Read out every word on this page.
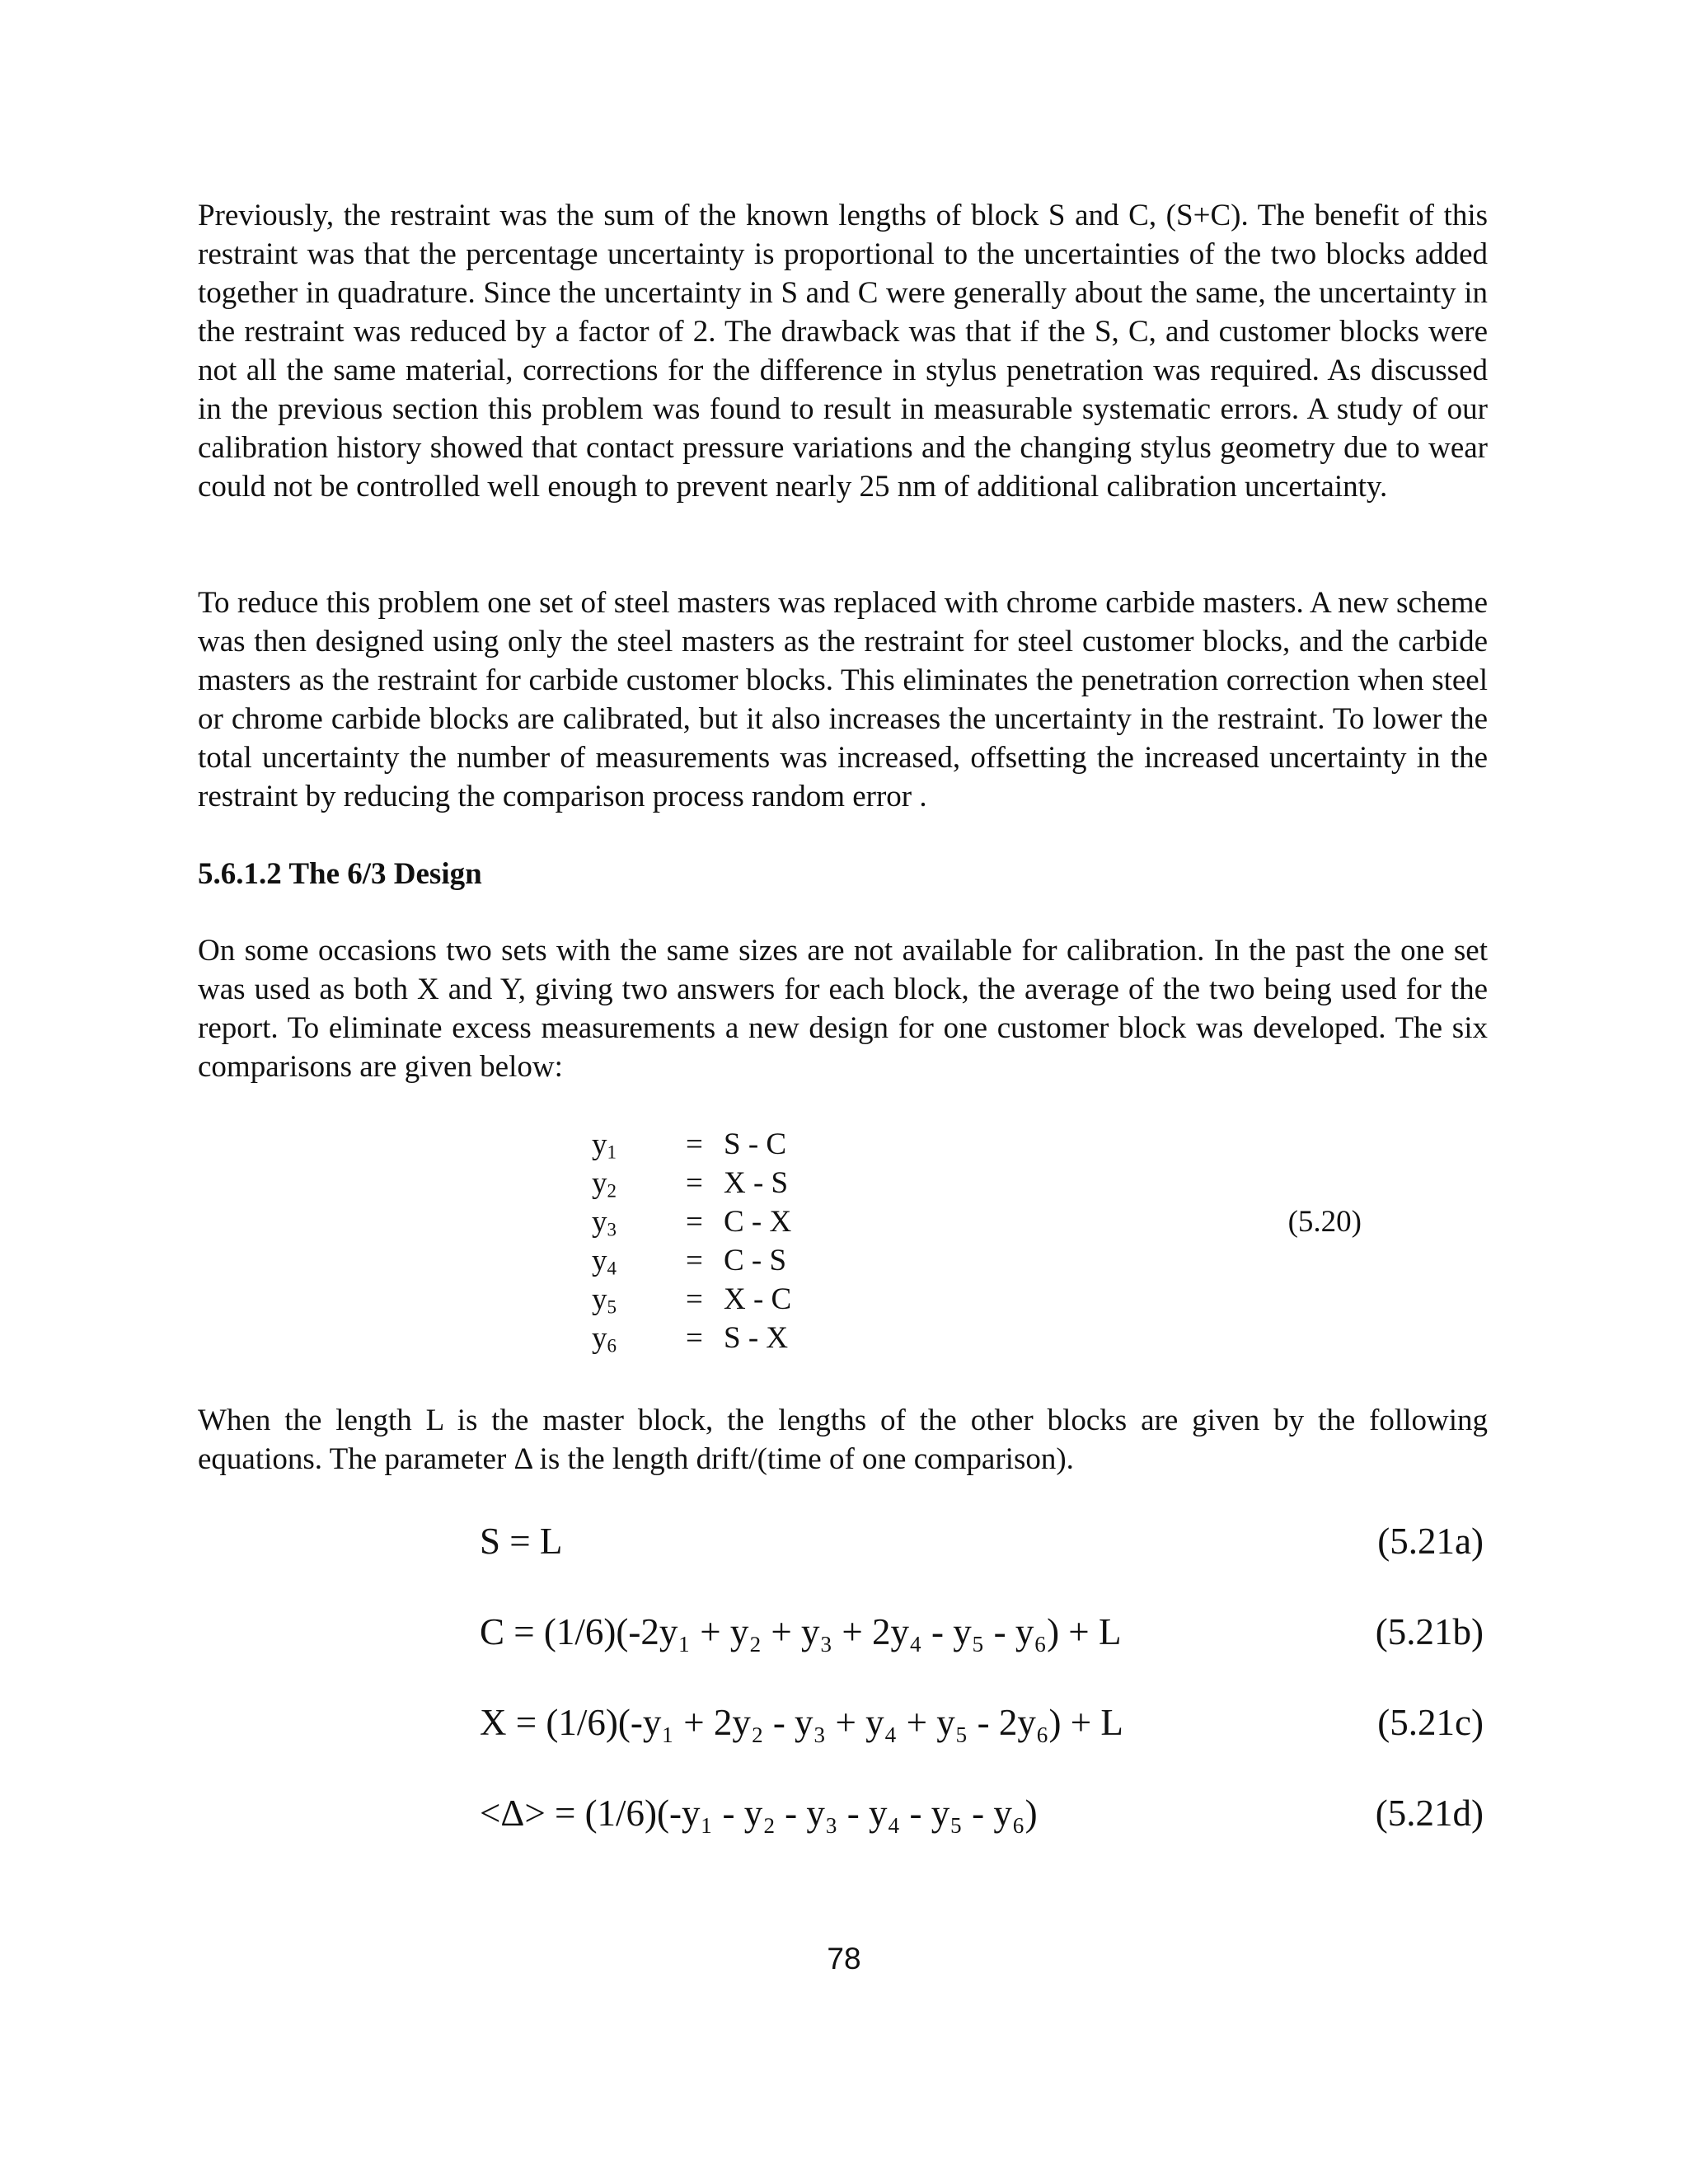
Previously, the restraint was the sum of the known lengths of block S and C, (S+C). The benefit of this restraint was that the percentage uncertainty is proportional to the uncertainties of the two blocks added together in quadrature. Since the uncertainty in S and C were generally about the same, the uncertainty in the restraint was reduced by a factor of 2. The drawback was that if the S, C, and customer blocks were not all the same material, corrections for the difference in stylus penetration was required. As discussed in the previous section this problem was found to result in measurable systematic errors. A study of our calibration history showed that contact pressure variations and the changing stylus geometry due to wear could not be controlled well enough to prevent nearly 25 nm of additional calibration uncertainty.

To reduce this problem one set of steel masters was replaced with chrome carbide masters. A new scheme was then designed using only the steel masters as the restraint for steel customer blocks, and the carbide masters as the restraint for carbide customer blocks. This eliminates the penetration correction when steel or chrome carbide blocks are calibrated, but it also increases the uncertainty in the restraint. To lower the total uncertainty the number of measurements was increased, offsetting the increased uncertainty in the restraint by reducing the comparison process random error .

5.6.1.2 The 6/3 Design

On some occasions two sets with the same sizes are not available for calibration. In the past the one set was used as both X and Y, giving two answers for each block, the average of the two being used for the report. To eliminate excess measurements a new design for one customer block was developed. The six comparisons are given below:

$y_1 = S - C$
$y_2 = X - S$
$y_3 = C - X$	(5.20)
$y_4 = C - S$
$y_5 = X - C$
$y_6 = S - X$

When the length L is the master block, the lengths of the other blocks are given by the following equations. The parameter Δ is the length drift/(time of one comparison).

S = L	(5.21a)
C = (1/6)(-2y₁ + y₂ + y₃ + 2y₄ - y₅ - y₆) + L	(5.21b)
X = (1/6)(-y₁ + 2y₂ - y₃ + y₄ + y₅ - 2y₆) + L	(5.21c)
<Δ> = (1/6)(-y₁ - y₂ - y₃ - y₄ - y₅ - y₆)	(5.21d)
78
